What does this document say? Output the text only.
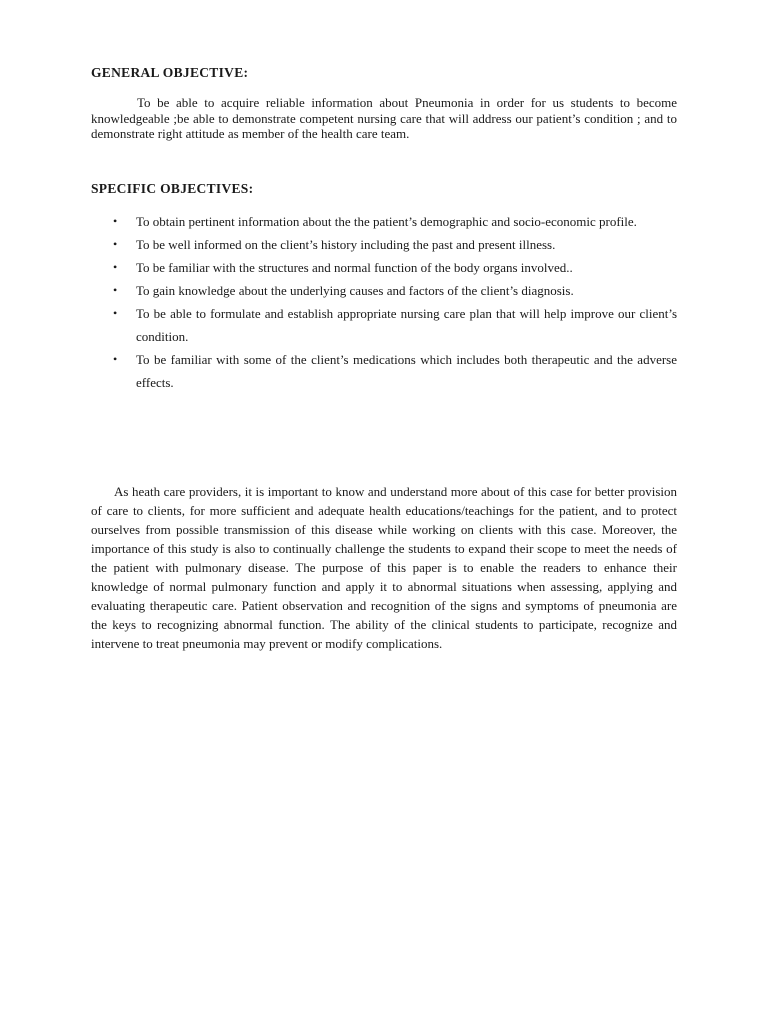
GENERAL OBJECTIVE:

To be able to acquire reliable information about Pneumonia in order for us students to become knowledgeable ;be able to demonstrate competent nursing care that will address our patient’s condition ; and to demonstrate right attitude as member of the health care team.

SPECIFIC OBJECTIVES:
• To obtain pertinent information about the the patient’s demographic and socio-economic profile.
• To be well informed on the client’s history including the past and present illness.
• To be familiar with the structures and normal function of the body organs involved..
• To gain knowledge about the underlying causes and factors of the client’s diagnosis.
• To be able to formulate and establish appropriate nursing care plan that will help improve our client’s condition.
• To be familiar with some of the client’s medications which includes both therapeutic and the adverse effects.

As heath care providers, it is important to know and understand more about of this case for better provision of care to clients, for more sufficient and adequate health educations/teachings for the patient, and to protect ourselves from possible transmission of this disease while working on clients with this case. Moreover, the importance of this study is also to continually challenge the students to expand their scope to meet the needs of the patient with pulmonary disease. The purpose of this paper is to enable the readers to enhance their knowledge of normal pulmonary function and apply it to abnormal situations when assessing, applying and evaluating therapeutic care. Patient observation and recognition of the signs and symptoms of pneumonia are the keys to recognizing abnormal function. The ability of the clinical students to participate, recognize and intervene to treat pneumonia may prevent or modify complications.
